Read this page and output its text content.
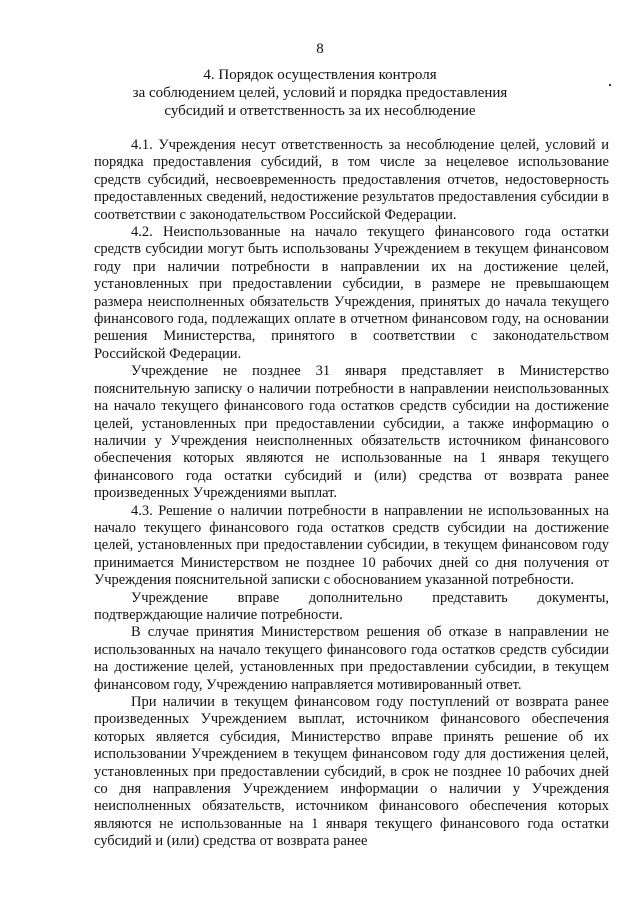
8
4. Порядок осуществления контроля
за соблюдением целей, условий и порядка предоставления
субсидий и ответственность за их несоблюдение

4.1. Учреждения несут ответственность за несоблюдение целей, условий и порядка предоставления субсидий, в том числе за нецелевое использование средств субсидий, несвоевременность предоставления отчетов, недостоверность предоставленных сведений, недостижение результатов предоставления субсидии в соответствии с законодательством Российской Федерации.

4.2. Неиспользованные на начало текущего финансового года остатки средств субсидии могут быть использованы Учреждением в текущем финансовом году при наличии потребности в направлении их на достижение целей, установленных при предоставлении субсидии, в размере не превышающем размера неисполненных обязательств Учреждения, принятых до начала текущего финансового года, подлежащих оплате в отчетном финансовом году, на основании решения Министерства, принятого в соответствии с законодательством Российской Федерации.

Учреждение не позднее 31 января представляет в Министерство пояснительную записку о наличии потребности в направлении неиспользованных на начало текущего финансового года остатков средств субсидии на достижение целей, установленных при предоставлении субсидии, а также информацию о наличии у Учреждения неисполненных обязательств источником финансового обеспечения которых являются не использованные на 1 января текущего финансового года остатки субсидий и (или) средства от возврата ранее произведенных Учреждениями выплат.

4.3. Решение о наличии потребности в направлении не использованных на начало текущего финансового года остатков средств субсидии на достижение целей, установленных при предоставлении субсидии, в текущем финансовом году принимается Министерством не позднее 10 рабочих дней со дня получения от Учреждения пояснительной записки с обоснованием указанной потребности.

Учреждение вправе дополнительно представить документы, подтверждающие наличие потребности.

В случае принятия Министерством решения об отказе в направлении не использованных на начало текущего финансового года остатков средств субсидии на достижение целей, установленных при предоставлении субсидии, в текущем финансовом году, Учреждению направляется мотивированный ответ.

При наличии в текущем финансовом году поступлений от возврата ранее произведенных Учреждением выплат, источником финансового обеспечения которых является субсидия, Министерство вправе принять решение об их использовании Учреждением в текущем финансовом году для достижения целей, установленных при предоставлении субсидий, в срок не позднее 10 рабочих дней со дня направления Учреждением информации о наличии у Учреждения неисполненных обязательств, источником финансового обеспечения которых являются не использованные на 1 января текущего финансового года остатки субсидий и (или) средства от возврата ранее
